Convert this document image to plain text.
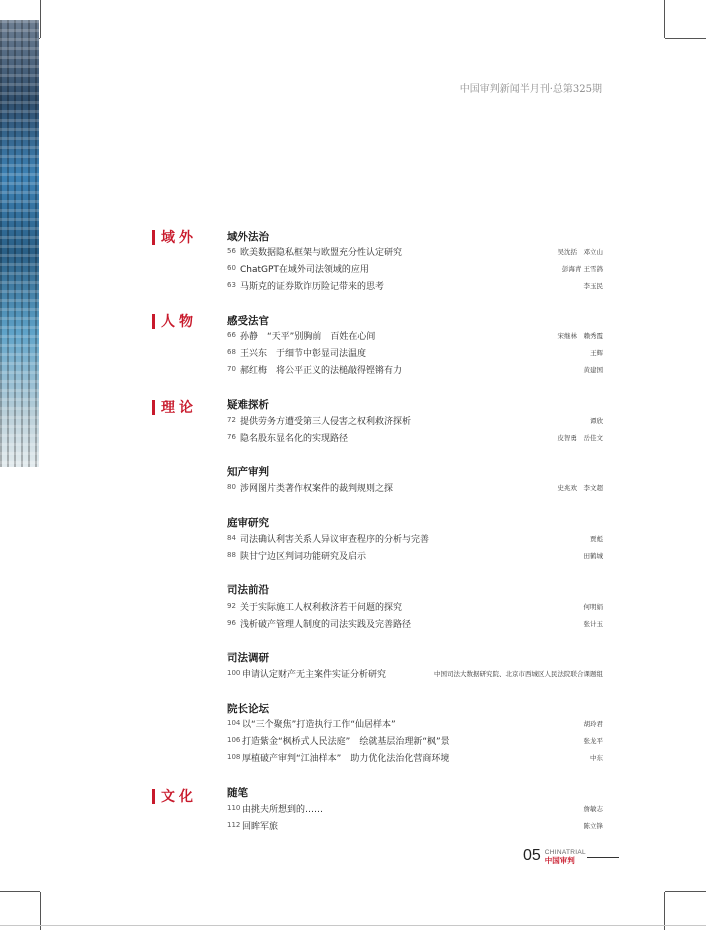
中国审判新闻半月刊·总第325期
域外
人物
理论
文化
域外法治
56 欧美数据隐私框架与欧盟充分性认定研究	吴沈括　邓立山
60 ChatGPT在域外司法领域的应用	彭海青 王雪鸽
63 马斯克的证券欺诈历险记带来的思考	李玉民
感受法官
66 孙静　“天平”别胸前　百姓在心间	宋继林　赖秀霞
68 王兴东　于细节中彰显司法温度	王辉
70 郝红梅　将公平正义的法槌敲得铿锵有力	黄建国
疑难探析
72 提供劳务方遭受第三人侵害之权利救济探析	谭欣
76 隐名股东显名化的实现路径	皮智勇　岳佳文
知产审判
80 涉网图片类著作权案件的裁判规则之探	史兆欢　李文超
庭审研究
84 司法确认利害关系人异议审查程序的分析与完善	贾彪
88 陕甘宁边区判词功能研究及启示	田鹤城
司法前沿
92 关于实际施工人权利救济若干问题的探究	何明娟
96 浅析破产管理人制度的司法实践及完善路径	张计玉
司法调研
100 申请认定财产无主案件实证分析研究	中国司法大数据研究院、北京市西城区人民法院联合课题组
院长论坛
104 以“三个聚焦”打造执行工作“仙居样本”	胡玲君
106 打造紫金“枫桥式人民法庭”　绘就基层治理新“枫”景	张龙平
108 厚植破产审判“江油样本”　助力优化法治化营商环境	中东
随笔
110 由挑夫所想到的……	詹敏志
112 回眸军旅	陈立锋
05 CHINATRIAL
中国审判
